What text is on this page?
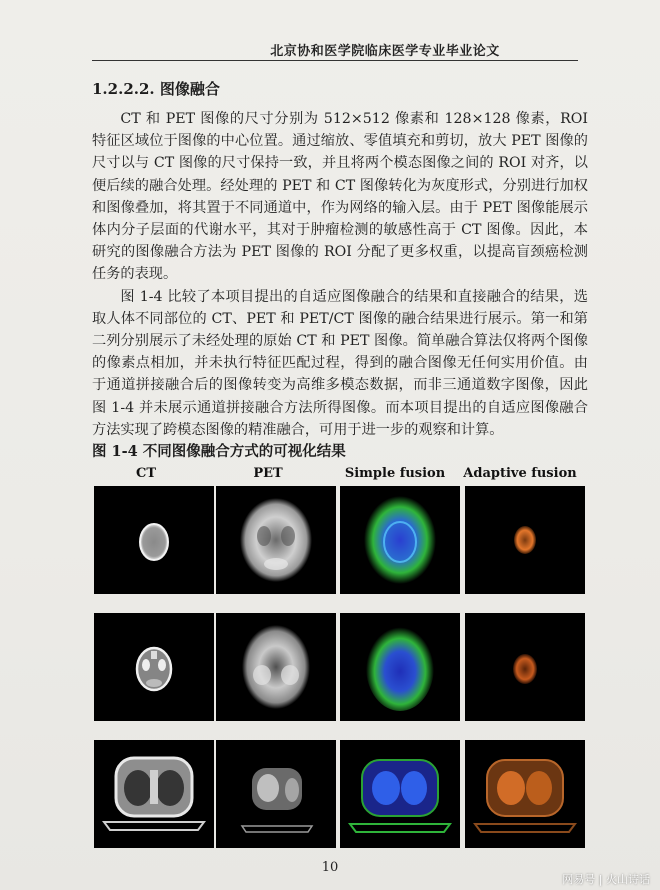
北京协和医学院临床医学专业毕业论文
1.2.2.2. 图像融合

CT 和 PET 图像的尺寸分别为 512×512 像素和 128×128 像素，ROI 特征区域位于图像的中心位置。通过缩放、零值填充和剪切，放大 PET 图像的尺寸以与 CT 图像的尺寸保持一致，并且将两个模态图像之间的 ROI 对齐，以便后续的融合处理。经处理的 PET 和 CT 图像转化为灰度形式，分别进行加权和图像叠加，将其置于不同通道中，作为网络的输入层。由于 PET 图像能展示体内分子层面的代谢水平，其对于肿瘤检测的敏感性高于 CT 图像。因此，本研究的图像融合方法为 PET 图像的 ROI 分配了更多权重，以提高盲颈癌检测任务的表现。

图 1-4 比较了本项目提出的自适应图像融合的结果和直接融合的结果，选取人体不同部位的 CT、PET 和 PET/CT 图像的融合结果进行展示。第一和第二列分别展示了未经处理的原始 CT 和 PET 图像。简单融合算法仅将两个图像的像素点相加，并未执行特征匹配过程，得到的融合图像无任何实用价值。由于通道拼接融合后的图像转变为高维多模态数据，而非三通道数字图像，因此图 1-4 并未展示通道拼接融合方法所得图像。而本项目提出的自适应图像融合方法实现了跨模态图像的精准融合，可用于进一步的观察和计算。

图 1-4 不同图像融合方式的可视化结果
CT	PET	Simple fusion	Adaptive fusion
10
网易号 | 火山诗话
